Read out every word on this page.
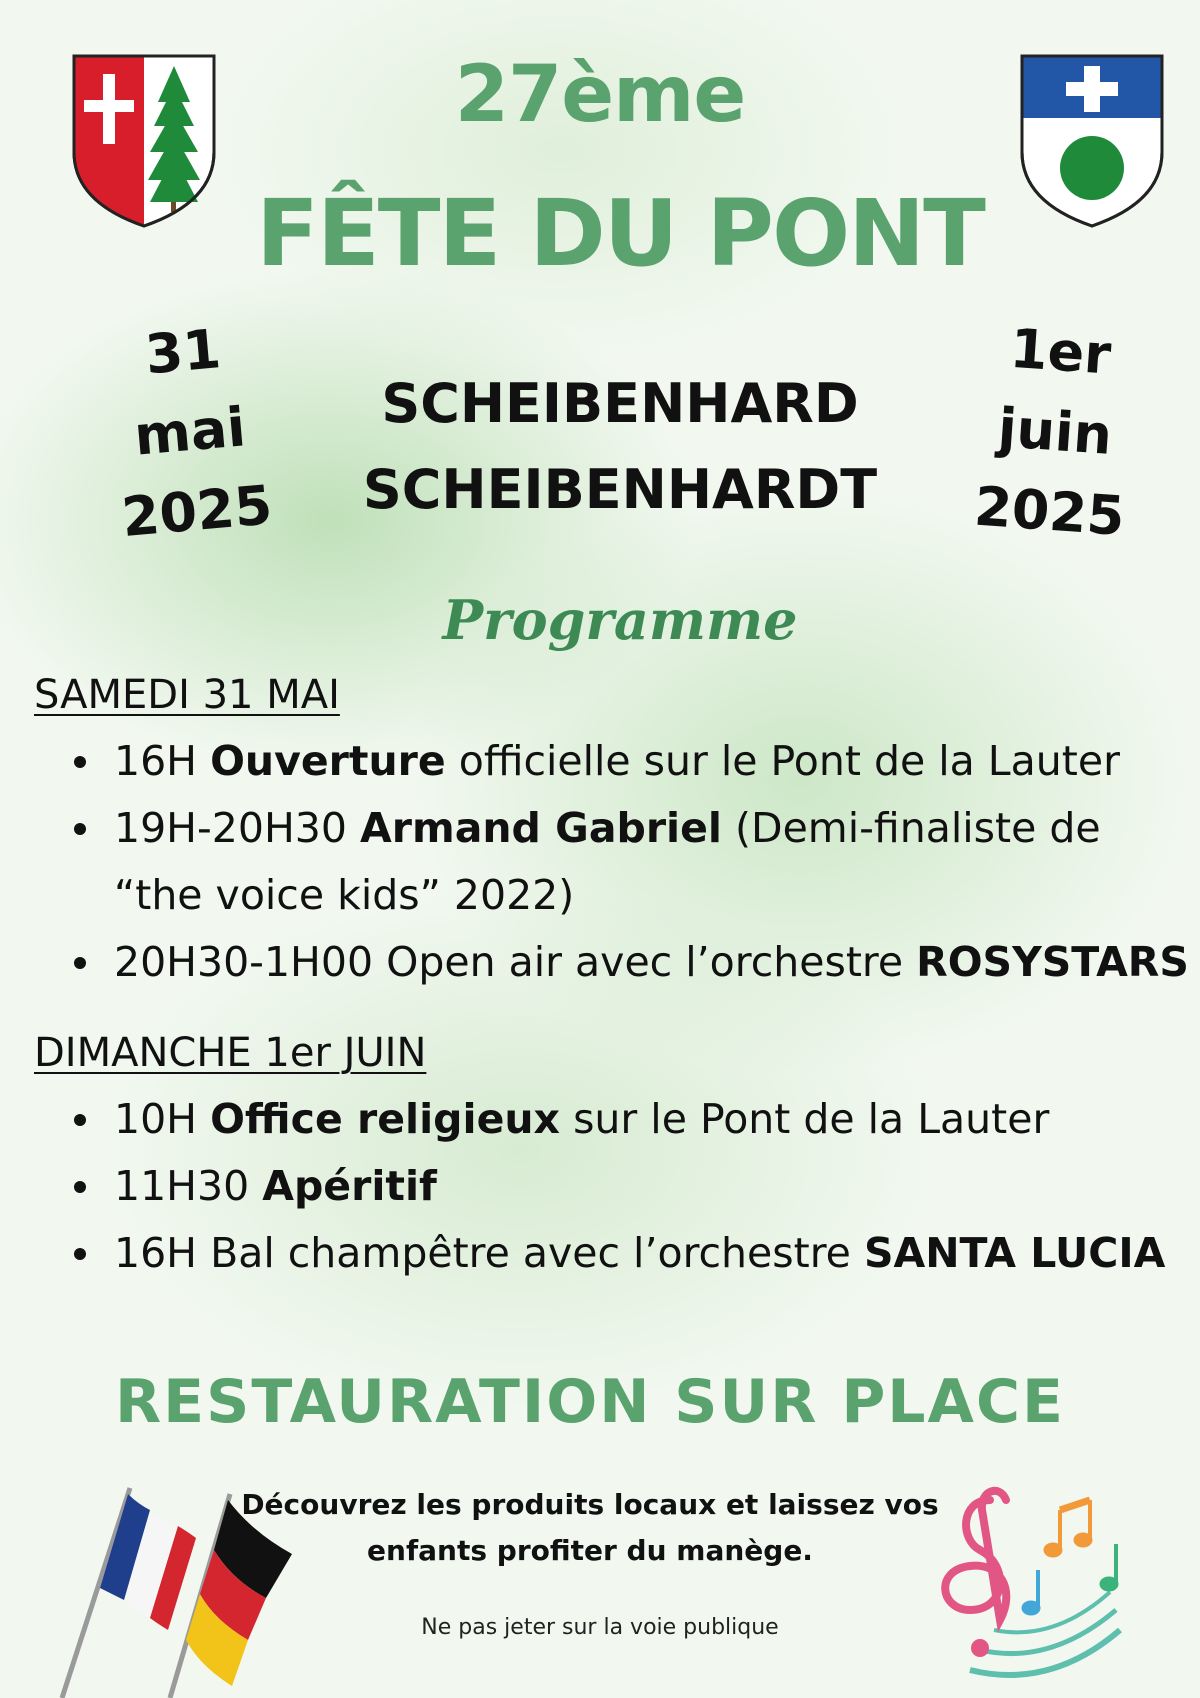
27ème
FÊTE DU PONT
31
mai
2025
1er
juin
2025
SCHEIBENHARD
SCHEIBENHARDT
Programme
SAMEDI 31 MAI
16H Ouverture officielle sur le Pont de la Lauter
19H-20H30 Armand Gabriel (Demi-finaliste de “the voice kids” 2022)
20H30-1H00 Open air avec l’orchestre ROSYSTARS
DIMANCHE 1er JUIN
10H Office religieux sur le Pont de la Lauter
11H30 Apéritif
16H Bal champêtre avec l’orchestre SANTA LUCIA
RESTAURATION SUR PLACE
Découvrez les produits locaux et laissez vos
enfants profiter du manège.
Ne pas jeter sur la voie publique
